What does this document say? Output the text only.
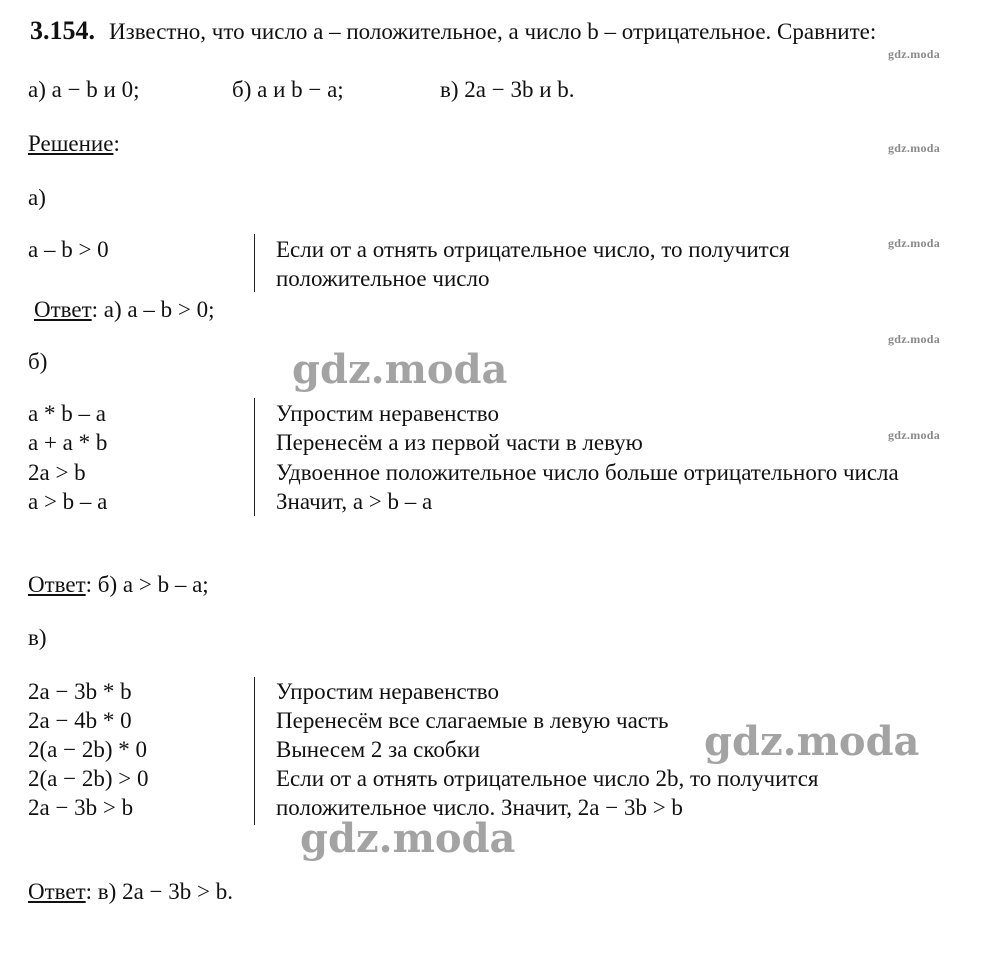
3.154. Известно, что число а – положительное, а число b – отрицательное. Сравните:
а) a − b и 0;	б) a и b − a;	в) 2a − 3b и b.
Решение:
а)
a – b > 0	Если от а отнять отрицательное число, то получится
положительное число
Ответ: а) a – b > 0;
б)
a * b – a	Упростим неравенство
a + a * b	Перенесём а из первой части в левую
2a > b	Удвоенное положительное число больше отрицательного числа
a > b – a	Значит, a > b – a
Ответ: б) a > b – a;
в)
2a − 3b * b	Упростим неравенство
2a − 4b * 0	Перенесём все слагаемые в левую часть
2(a − 2b) * 0	Вынесем 2 за скобки
2(a − 2b) > 0	Если от а отнять отрицательное число 2b, то получится
2a − 3b > b	положительное число. Значит, 2a − 3b > b
Ответ: в) 2a − 3b > b.
gdz.moda
gdz.moda
gdz.moda
gdz.moda
gdz.moda
gdz.moda
gdz.moda
gdz.moda
